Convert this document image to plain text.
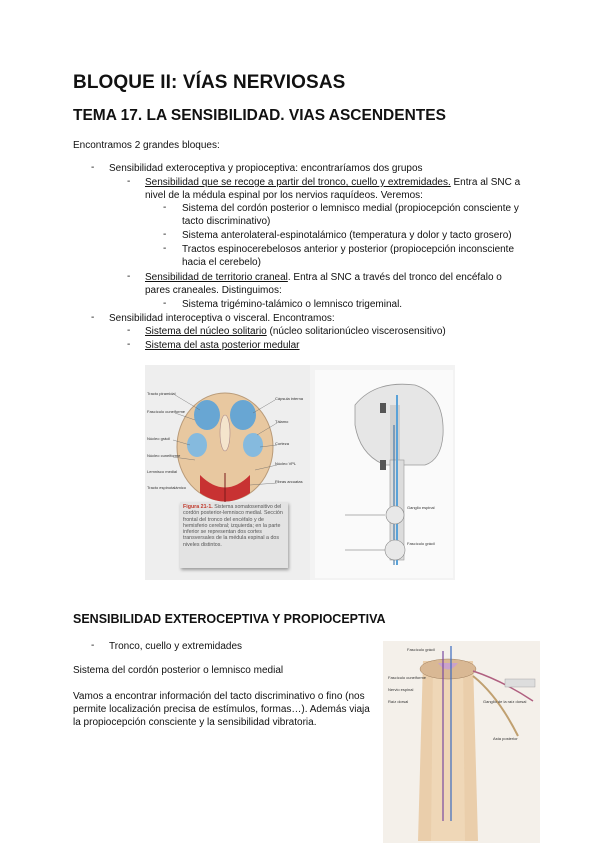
BLOQUE II: VÍAS NERVIOSAS
TEMA 17. LA SENSIBILIDAD. VIAS ASCENDENTES
Encontramos 2 grandes bloques:
- Sensibilidad exteroceptiva y propioceptiva: encontraríamos dos grupos
- Sensibilidad que se recoge a partir del tronco, cuello y extremidades. Entra al SNC a
nivel de la médula espinal por los nervios raquídeos. Veremos:
- Sistema del cordón posterior o lemnisco medial (propiocepción consciente y
tacto discriminativo)
- Sistema anterolateral-espinotalámico (temperatura y dolor y tacto grosero)
- Tractos espinocerebelosos anterior y posterior (propiocepción inconsciente
hacia el cerebelo)
- Sensibilidad de territorio craneal. Entra al SNC a través del tronco del encéfalo o
pares craneales. Distinguimos:
- Sistema trigémino-talámico o lemnisco trigeminal.
- Sensibilidad interoceptiva o visceral. Encontramos:
- Sistema del núcleo solitario (núcleo solitarionúcleo viscerosensitivo)
- Sistema del asta posterior medular
Tracto piramidal
Fascículo cuneiforme
Núcleo grácil
Núcleo cuneiforme
Lemnisco medial
Tracto espinotalámico
Cápsula interna
Tálamo
Corteza
Núcleo VPL
Fibras arcuatas
Ganglio espinal
Fascículo grácil
Figura 21-1. Sistema somatosensitivo del cordón posterior-lemnisco medial. Sección frontal del tronco del encéfalo y de hemisferio cerebral; izquierda; en la parte inferior se representan dos cortes transversales de la médula espinal a dos niveles distintos.
SENSIBILIDAD EXTEROCEPTIVA Y PROPIOCEPTIVA
- Tronco, cuello y extremidades
Sistema del cordón posterior o lemnisco medial
Vamos a encontrar información del tacto discriminativo o fino (nos
permite localización precisa de estímulos, formas…). Además viaja
la propiocepción consciente y la sensibilidad vibratoria.
Fascículo grácil
Fascículo cuneiforme
Nervio espinal
Ganglio de la raíz dorsal
Raíz dorsal
Asta posterior
